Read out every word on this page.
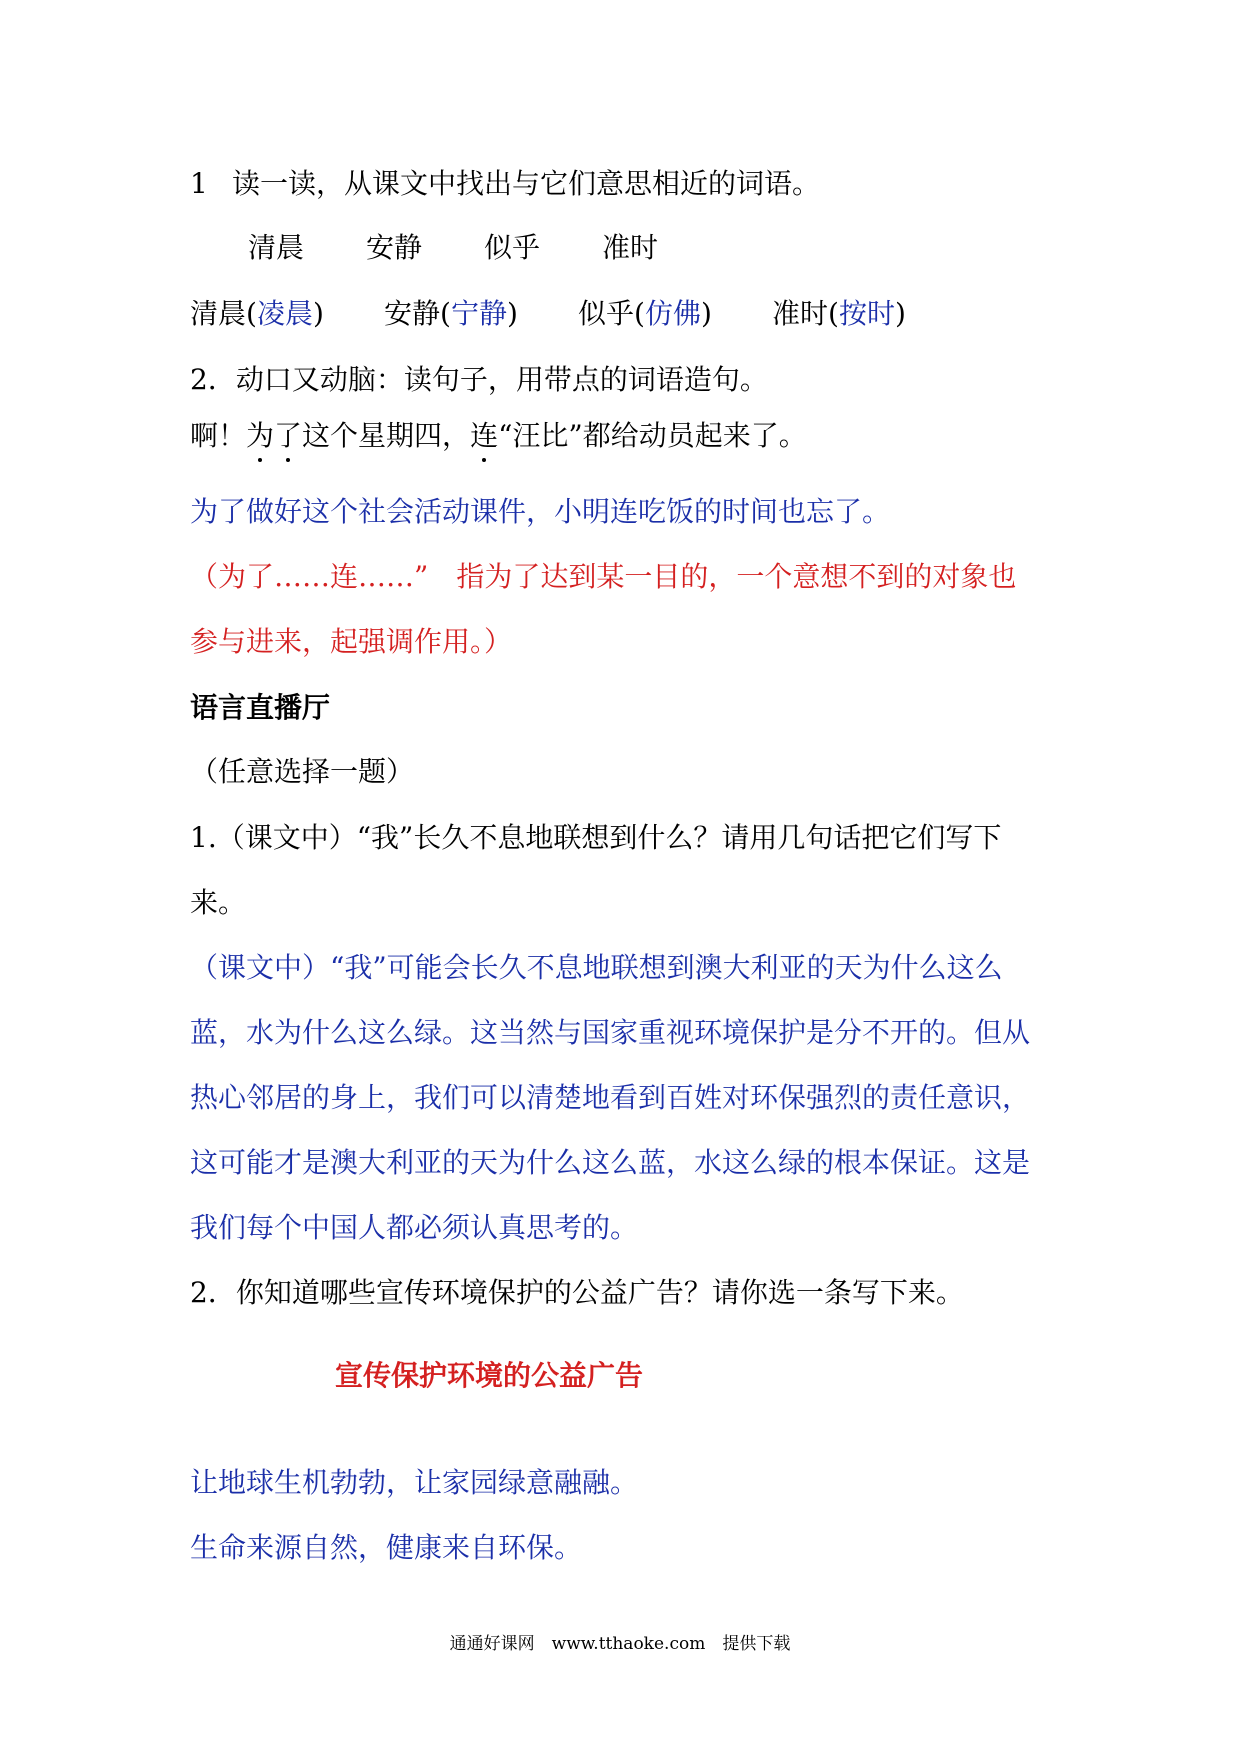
1 读一读，从课文中找出与它们意思相近的词语。
清晨 安静 似乎 准时
清晨(凌晨) 安静(宁静) 似乎(仿佛) 准时(按时)
2．动口又动脑：读句子，用带点的词语造句。
啊！为了这个星期四，连“汪比”都给动员起来了。
为了做好这个社会活动课件，小明连吃饭的时间也忘了。
（为了……连……”　指为了达到某一目的，一个意想不到的对象也
参与进来，起强调作用。）
语言直播厅
（任意选择一题）
1.（课文中）“我”长久不息地联想到什么？请用几句话把它们写下
来。
（课文中）“我”可能会长久不息地联想到澳大利亚的天为什么这么
蓝，水为什么这么绿。这当然与国家重视环境保护是分不开的。但从
热心邻居的身上，我们可以清楚地看到百姓对环保强烈的责任意识，
这可能才是澳大利亚的天为什么这么蓝，水这么绿的根本保证。这是
我们每个中国人都必须认真思考的。
2．你知道哪些宣传环境保护的公益广告？请你选一条写下来。
宣传保护环境的公益广告
让地球生机勃勃，让家园绿意融融。
生命来源自然，健康来自环保。
通通好课网　www.tthaoke.com　提供下载
